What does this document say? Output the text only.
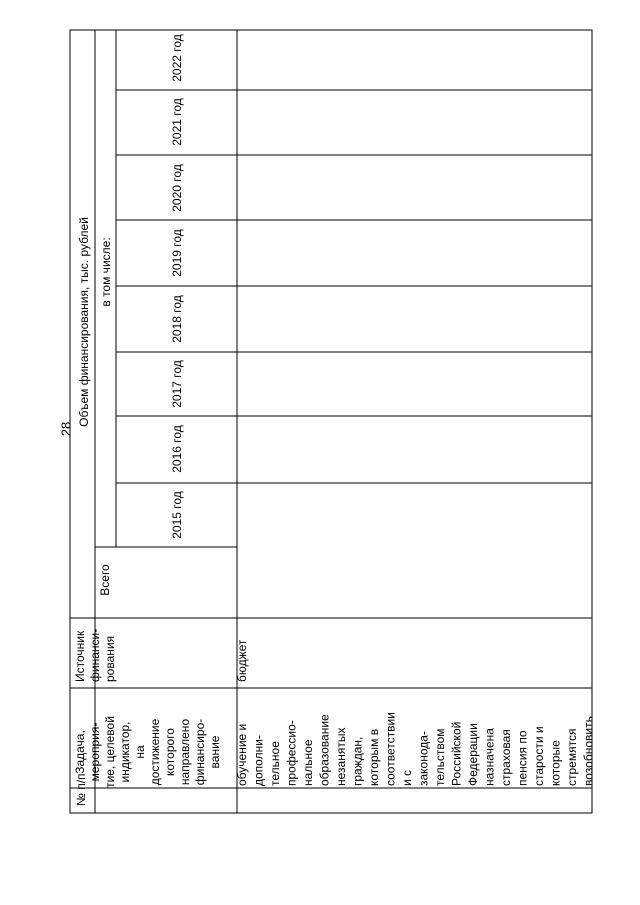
28
№ п/п
Задача, мероприя- тие, целевой индикатор, на достижение которого направлено финансиро- вание
Источник финанси- рования
Объем финансирования, тыс. рублей
Всего
в том числе:
2015 год
2016 год
2017 год
2018 год
2019 год
2020 год
2021 год
2022 год
обучение и дополни- тельное профессио- нальное образование незанятых граждан, которым в соответствии и с законода- тельством Российской Федерации назначена страховая пенсия по старости и которые стремятся возобновить
бюджет
